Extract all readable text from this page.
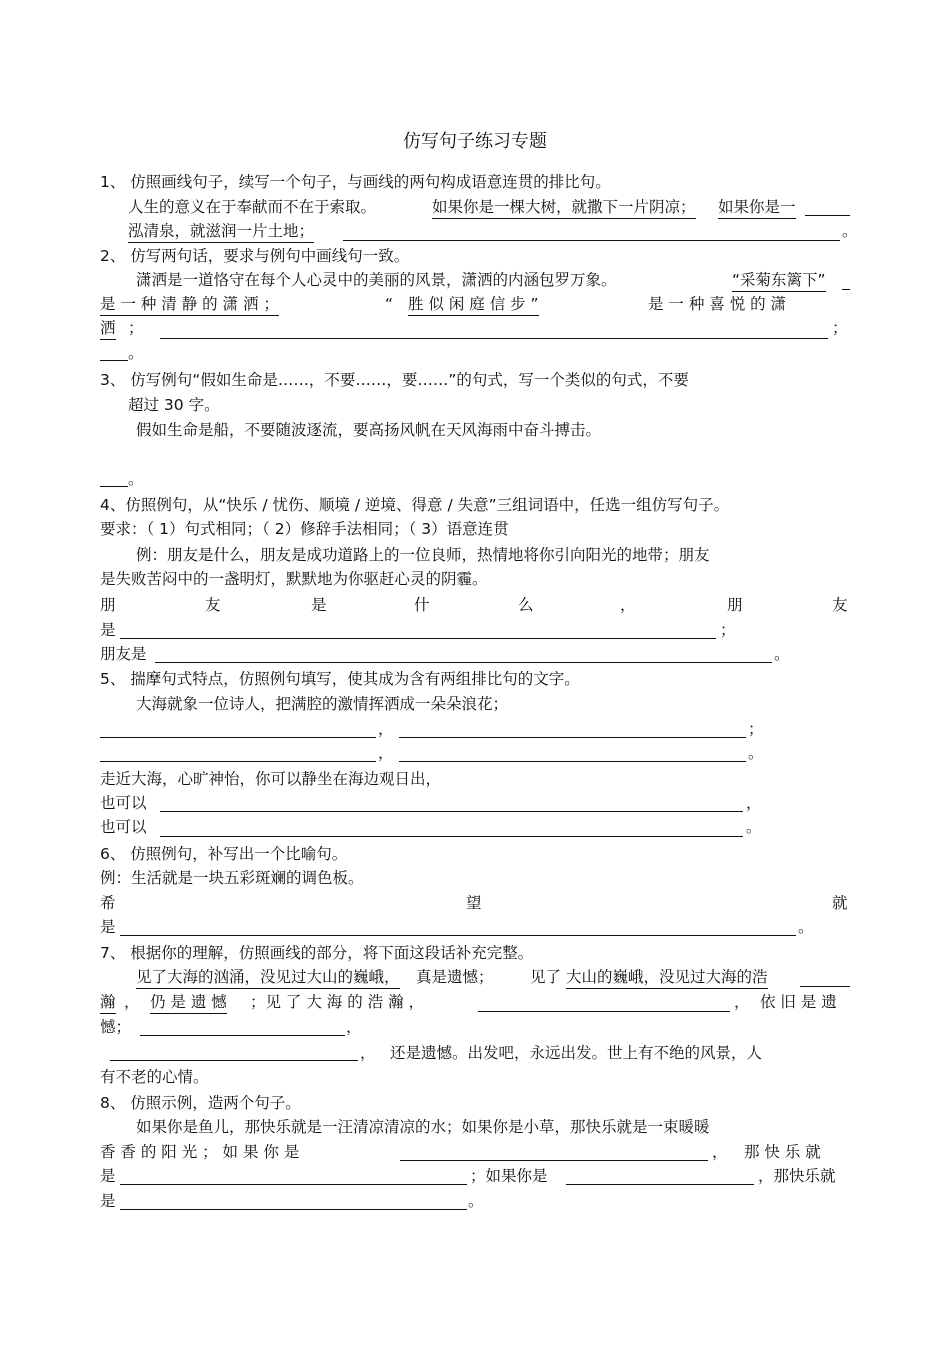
仿写句子练习专题
1、 仿照画线句子，续写一个句子，与画线的两句构成语意连贯的排比句。
人生的意义在于奉献而不在于索取。	如果你是一棵大树，就撒下一片阴凉； 如果你是一
泓清泉，就滋润一片土地；	。
2、 仿写两句话，要求与例句中画线句一致。
潇洒是一道恪守在每个人心灵中的美丽的风景，潇洒的内涵包罗万象。	“采菊东篱下”
是 一 种 清 静 的 潇 洒 ；	“ 胜 似 闲 庭 信 步 ”	是 一 种 喜 悦 的 潇
洒 ；	；
。
3、 仿写例句“假如生命是……，不要……，要……”的句式，写一个类似的句式，不要
超过 30 字。
假如生命是船，不要随波逐流，要高扬风帆在天风海雨中奋斗搏击。
。
4、仿照例句，从“快乐 / 忧伤、顺境 / 逆境、得意 / 失意”三组词语中，任选一组仿写句子。
要求：（ 1）句式相同；（ 2）修辞手法相同；（ 3）语意连贯
例：朋友是什么，朋友是成功道路上的一位良师，热情地将你引向阳光的地带；朋友
是失败苦闷中的一盏明灯，默默地为你驱赶心灵的阴霾。
朋	友	是	什	么	，	朋	友
是	；
朋友是	。
5、 揣摩句式特点，仿照例句填写，使其成为含有两组排比句的文字。
大海就象一位诗人，把满腔的激情挥洒成一朵朵浪花；
，	；
，	。
走近大海，心旷神怡，你可以静坐在海边观日出，
也可以	，
也可以	。
6、 仿照例句，补写出一个比喻句。
例：生活就是一块五彩斑斓的调色板。
希	望	就
是	。
7、 根据你的理解，仿照画线的部分，将下面这段话补充完整。
见了大海的汹涌，没见过大山的巍峨， 真是遗憾； 见了 大山的巍峨，没见过大海的浩
瀚 ， 仍 是 遗 憾 ；见 了 大 海 的 浩 瀚 ，	， 依 旧 是 遗
憾；	，
， 还是遗憾。出发吧，永远出发。世上有不绝的风景，人
有不老的心情。
8、 仿照示例，造两个句子。
如果你是鱼儿，那快乐就是一汪清凉清凉的水；如果你是小草，那快乐就是一束暖暖
香 香 的 阳 光 ； 如 果 你 是	， 那 快 乐 就
是	；如果你是	，那快乐就
是	。
